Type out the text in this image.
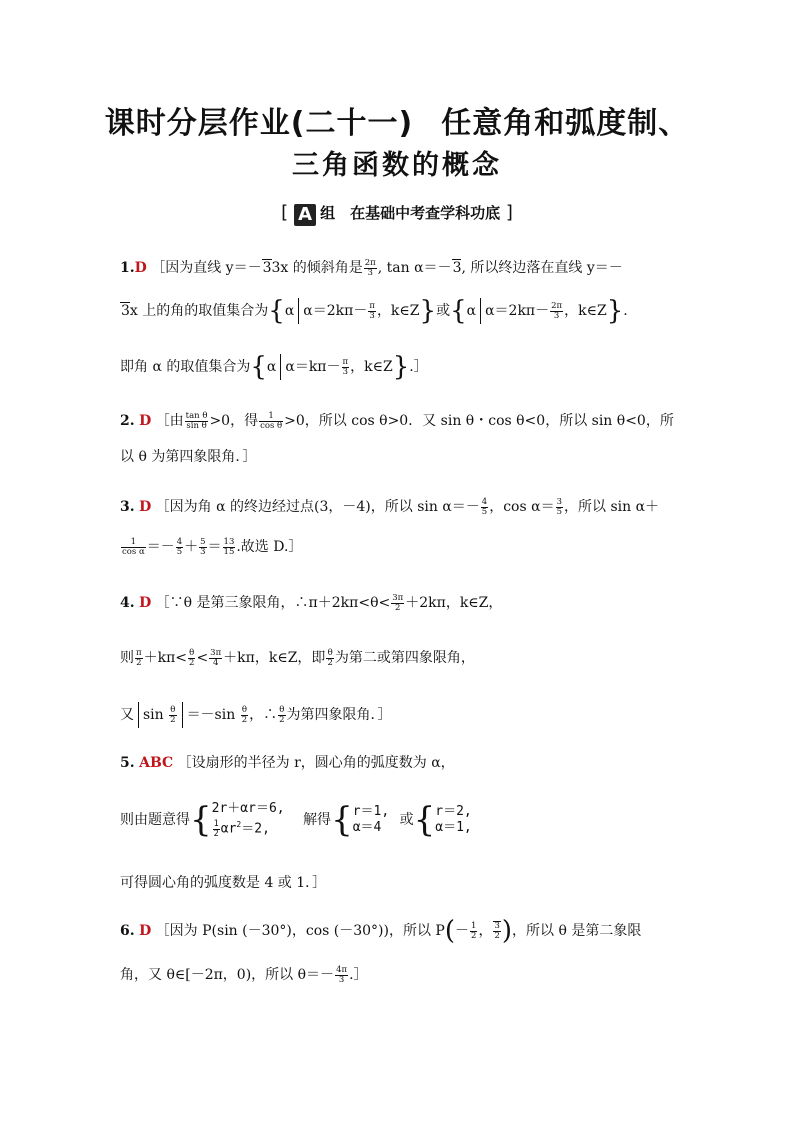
课时分层作业(二十一) 任意角和弧度制、
三角函数的概念
[ A 组　在基础中考查学科功底 ]
1.D ［因为直线 y＝－33x 的倾斜角是 $\frac{2\pi}{3}$ , tan α＝－3, 所以终边落在直线 y＝－
3x 上的角的取值集合为{α $\alpha=2k\pi- \frac{\pi}{3}$ ，k∈Z}或{α $\alpha=2k\pi- \frac{2\pi}{3}$ ，k∈Z}.
即角 α 的取值集合为{α $\alpha=k\pi- \frac{\pi}{3}$ ，k∈Z}.］
2. D ［由 $\frac{\text{tan θ}}{\text{sin θ}} >0$，得 $\frac{1}{\text{cos θ}} >0$，所以 cos θ>0．又 sin θ・cos θ<0，所以 sin θ<0，所
以 θ 为第四象限角．］
3. D ［因为角 α 的终边经过点(3，－4)，所以 $\sin \alpha=- \frac{4}{5}$ ，$\cos \alpha= \frac{3}{5}$ ，所以 sin α＋
$\frac{1}{\text{cos α}} =- \frac{4}{5} + \frac{5}{3} = \frac{13}{15}$ .故选 D.］
4. D ［∵θ 是第三象限角，∴π＋2kπ<θ< $\frac{3\pi}{2} +2k\pi$，k∈Z，
则 $\frac{\pi}{2} +k\pi< \frac{\theta}{2} < \frac{3\pi}{4} +k\pi$，k∈Z，即 $\frac{\theta}{2}$ 为第二或第四象限角，
又 $\sin \frac{\theta}{2} =-\sin \frac{\theta}{2}$ ，∴ $\frac{\theta}{2}$ 为第四象限角．］
5. ABC ［设扇形的半径为 r，圆心角的弧度数为 α，
则由题意得{ 2r＋αr＝6,
$\frac{1}{2} \alpha r^2=2$,
解得{ r＝1,
α＝4	或{ r＝2,
α＝1,
可得圆心角的弧度数是 4 或 1．］
6. D ［因为 P(sin (－30°)，cos (－30°))，所以 $P(- \frac{1}{2}$ ， $\frac{3}{2}$ )，所以 θ 是第二象限
角，又 θ∈[－2π，0)，所以 $\theta=- \frac{4\pi}{3}$ .］
